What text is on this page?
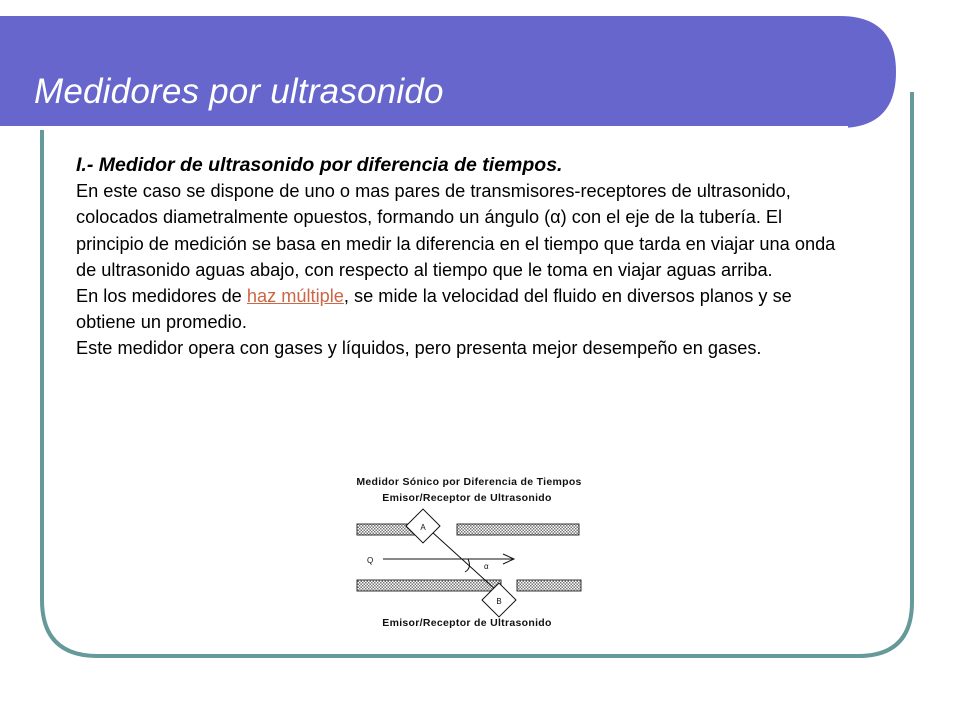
Medidores por ultrasonido

I.- Medidor de ultrasonido por diferencia de tiempos.

En este caso se dispone de uno o mas pares de transmisores-receptores de ultrasonido, colocados diametralmente opuestos, formando un ángulo (α) con el eje de la tubería. El principio de medición se basa en medir la diferencia en el tiempo que tarda en viajar una onda de ultrasonido aguas abajo, con respecto al tiempo que le toma en viajar aguas arriba.

En los medidores de haz múltiple, se mide la velocidad del fluido en diversos planos y se obtiene un promedio.

Este medidor opera con gases y líquidos, pero presenta mejor desempeño en gases.

Medidor Sónico por Diferencia de Tiempos
Emisor/Receptor de Ultrasonido
A
B
Q
α
Emisor/Receptor de Ultrasonido
